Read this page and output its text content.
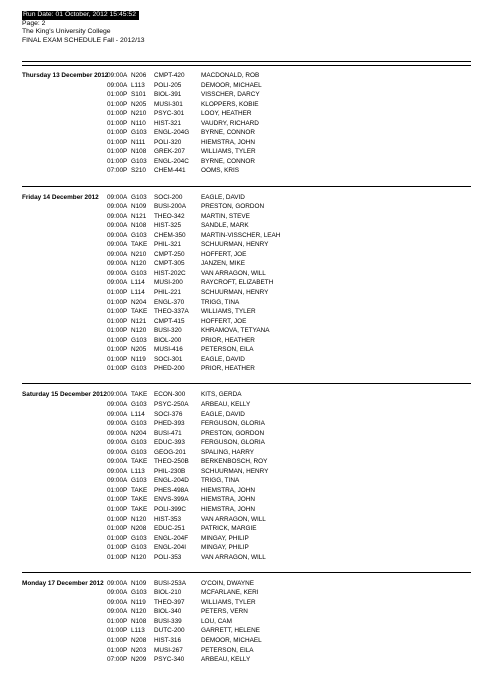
Run Date: 01 October, 2012 15:45:52
Page: 2
The King's University College
FINAL EXAM SCHEDULE Fall - 2012/13
Thursday 13 December 2012
09:00A N206	CMPT-420	MACDONALD, ROB
09:00A L113	POLI-205	DEMOOR, MICHAEL
01:00P S101	BIOL-391	VISSCHER, DARCY
01:00P N205	MUSI-301	KLOPPERS, KOBIE
01:00P N210	PSYC-301	LOOY, HEATHER
01:00P N110	HIST-321	VAUDRY, RICHARD
01:00P G103	ENGL-204G	BYRNE, CONNOR
01:00P N111	POLI-320	HIEMSTRA, JOHN
01:00P N108	GREK-207	WILLIAMS, TYLER
01:00P G103	ENGL-204C	BYRNE, CONNOR
07:00P S210	CHEM-441	OOMS, KRIS
Friday 14 December 2012	09:00A G103	SOCI-200	EAGLE, DAVID
09:00A N109	BUSI-200A	PRESTON, GORDON
09:00A N121	THEO-342	MARTIN, STEVE
09:00A N108	HIST-325	SANDLE, MARK
09:00A G103	CHEM-350	MARTIN-VISSCHER, LEAH
09:00A TAKE	PHIL-321	SCHUURMAN, HENRY
09:00A N210	CMPT-250	HOFFERT, JOE
09:00A N120	CMPT-305	JANZEN, MIKE
09:00A G103	HIST-202C	VAN ARRAGON, WILL
09:00A L114	MUSI-200	RAYCROFT, ELIZABETH
01:00P L114	PHIL-221	SCHUURMAN, HENRY
01:00P N204	ENGL-370	TRIGG, TINA
01:00P TAKE	THEO-337A	WILLIAMS, TYLER
01:00P N121	CMPT-415	HOFFERT, JOE
01:00P N120	BUSI-320	KHRAMOVA, TETYANA
01:00P G103	BIOL-200	PRIOR, HEATHER
01:00P N205	MUSI-416	PETERSON, EILA
01:00P N119	SOCI-301	EAGLE, DAVID
01:00P G103	PHED-200	PRIOR, HEATHER
Saturday 15 December 2012 09:00A TAKE	ECON-300	KITS, GERDA
09:00A G103	PSYC-250A	ARBEAU, KELLY
09:00A L114	SOCI-376	EAGLE, DAVID
09:00A G103	PHED-393	FERGUSON, GLORIA
09:00A N204	BUSI-471	PRESTON, GORDON
09:00A G103	EDUC-393	FERGUSON, GLORIA
09:00A G103	GEOG-201	SPALING, HARRY
09:00A TAKE	THEO-250B	BERKENBOSCH, ROY
09:00A L113	PHIL-230B	SCHUURMAN, HENRY
09:00A G103	ENGL-204D	TRIGG, TINA
01:00P TAKE	PHES-498A	HIEMSTRA, JOHN
01:00P TAKE	ENVS-399A	HIEMSTRA, JOHN
01:00P TAKE	POLI-399C	HIEMSTRA, JOHN
01:00P N120	HIST-353	VAN ARRAGON, WILL
01:00P N208	EDUC-251	PATRICK, MARGIE
01:00P G103	ENGL-204F	MINGAY, PHILIP
01:00P G103	ENGL-204I	MINGAY, PHILIP
01:00P N120	POLI-353	VAN ARRAGON, WILL
Monday 17 December 2012 09:00A N109	BUSI-253A	O'COIN, DWAYNE
09:00A G103	BIOL-210	MCFARLANE, KERI
09:00A N119	THEO-397	WILLIAMS, TYLER
09:00A N120	BIOL-340	PETERS, VERN
01:00P N108	BUSI-339	LOU, CAM
01:00P L113	DUTC-200	GARRETT, HELENE
01:00P N208	HIST-316	DEMOOR, MICHAEL
01:00P N203	MUSI-267	PETERSON, EILA
07:00P N209	PSYC-340	ARBEAU, KELLY
